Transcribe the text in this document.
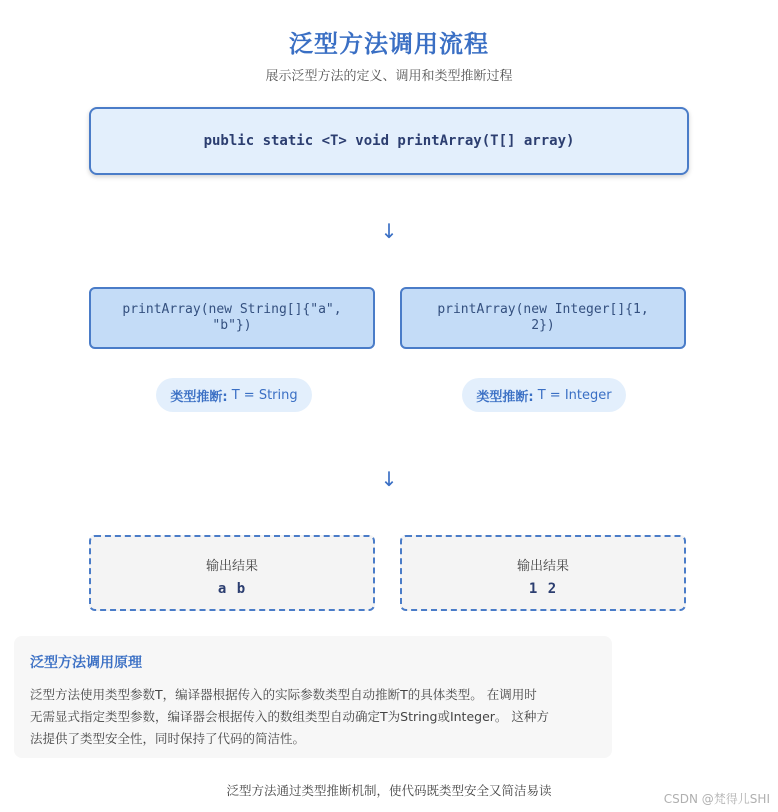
泛型方法调用流程
展示泛型方法的定义、调用和类型推断过程
public static <T> void printArray(T[] array)
↓
printArray(new String[]{"a",
"b"})
printArray(new Integer[]{1,
2})
类型推断:
T = String	类型推断:
T = Integer
↓
输出结果
a b
输出结果
1 2
泛型方法调用原理
泛型方法使用类型参数T，编译器根据传入的实际参数类型自动推断T的具体类型。 在调用时
无需显式指定类型参数，编译器会根据传入的数组类型自动确定T为String或Integer。 这种方
法提供了类型安全性，同时保持了代码的简洁性。
泛型方法通过类型推断机制，使代码既类型安全又简洁易读
CSDN @梵得儿SHI
